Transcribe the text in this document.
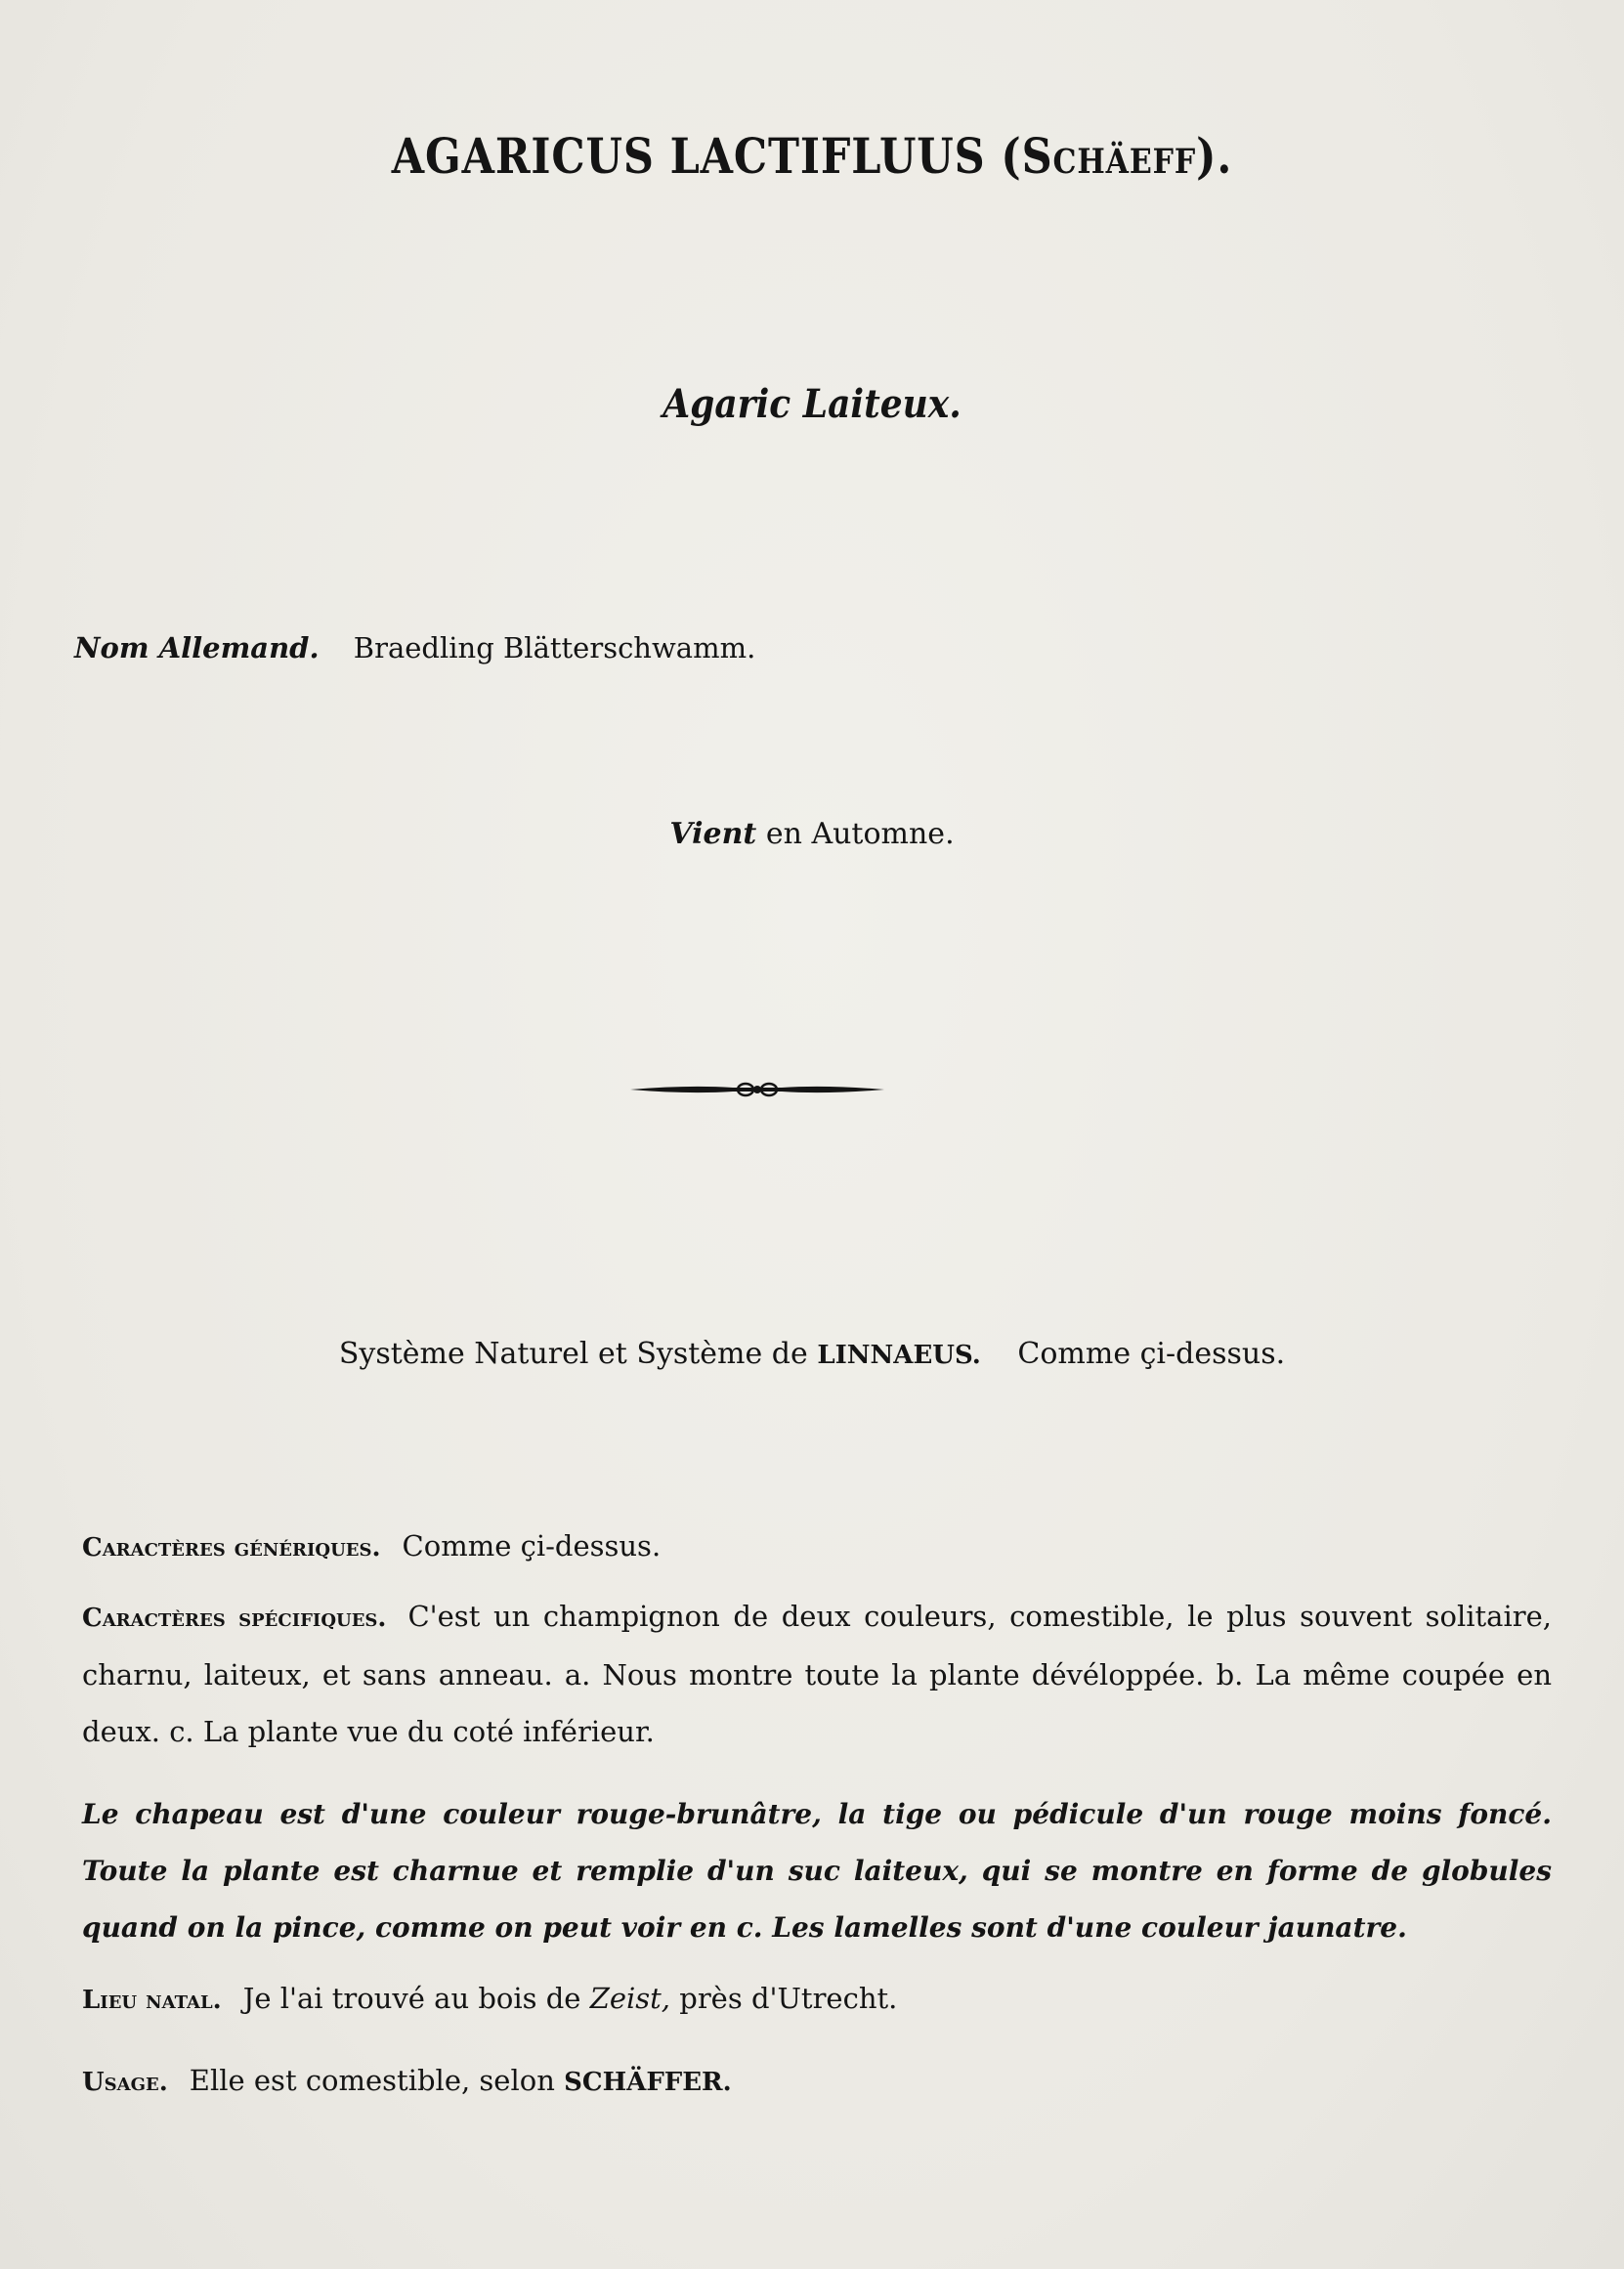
AGARICUS LACTIFLUUS (Schäeff).
Agaric Laiteux.
Nom Allemand. Braedling Blätterschwamm.
Vient en Automne.
Système Naturel et Système de LINNAEUS. Comme çi-dessus.
Caractères génériques. Comme çi-dessus.
Caractères spécifiques. C'est un champignon de deux couleurs, comestible, le plus souvent solitaire, charnu, laiteux, et sans anneau. a. Nous montre toute la plante dévéloppée. b. La même coupée en deux. c. La plante vue du coté inférieur.
Le chapeau est d'une couleur rouge-brunâtre, la tige ou pédicule d'un rouge moins foncé. Toute la plante est charnue et remplie d'un suc laiteux, qui se montre en forme de globules quand on la pince, comme on peut voir en c. Les lamelles sont d'une couleur jaunatre.
Lieu natal. Je l'ai trouvé au bois de Zeist, près d'Utrecht.
Usage. Elle est comestible, selon SCHÄFFER.
